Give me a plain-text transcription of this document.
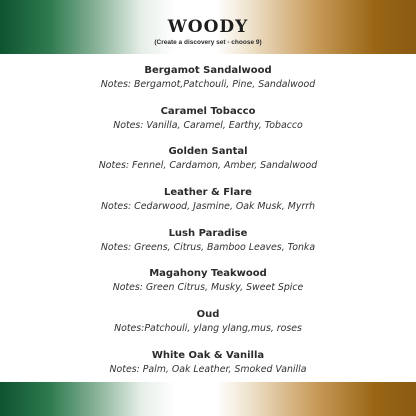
WOODY
(Create a discovery set - choose 9)
Bergamot Sandalwood
Notes: Bergamot,Patchouli, Pine, Sandalwood
Caramel Tobacco
Notes: Vanilla, Caramel, Earthy, Tobacco
Golden Santal
Notes: Fennel, Cardamon, Amber, Sandalwood
Leather & Flare
Notes: Cedarwood, Jasmine, Oak Musk, Myrrh
Lush Paradise
Notes: Greens, Citrus, Bamboo Leaves, Tonka
Magahony Teakwood
Notes: Green Citrus, Musky, Sweet Spice
Oud
Notes:Patchouli, ylang ylang,mus, roses
White Oak & Vanilla
Notes: Palm, Oak Leather, Smoked Vanilla
